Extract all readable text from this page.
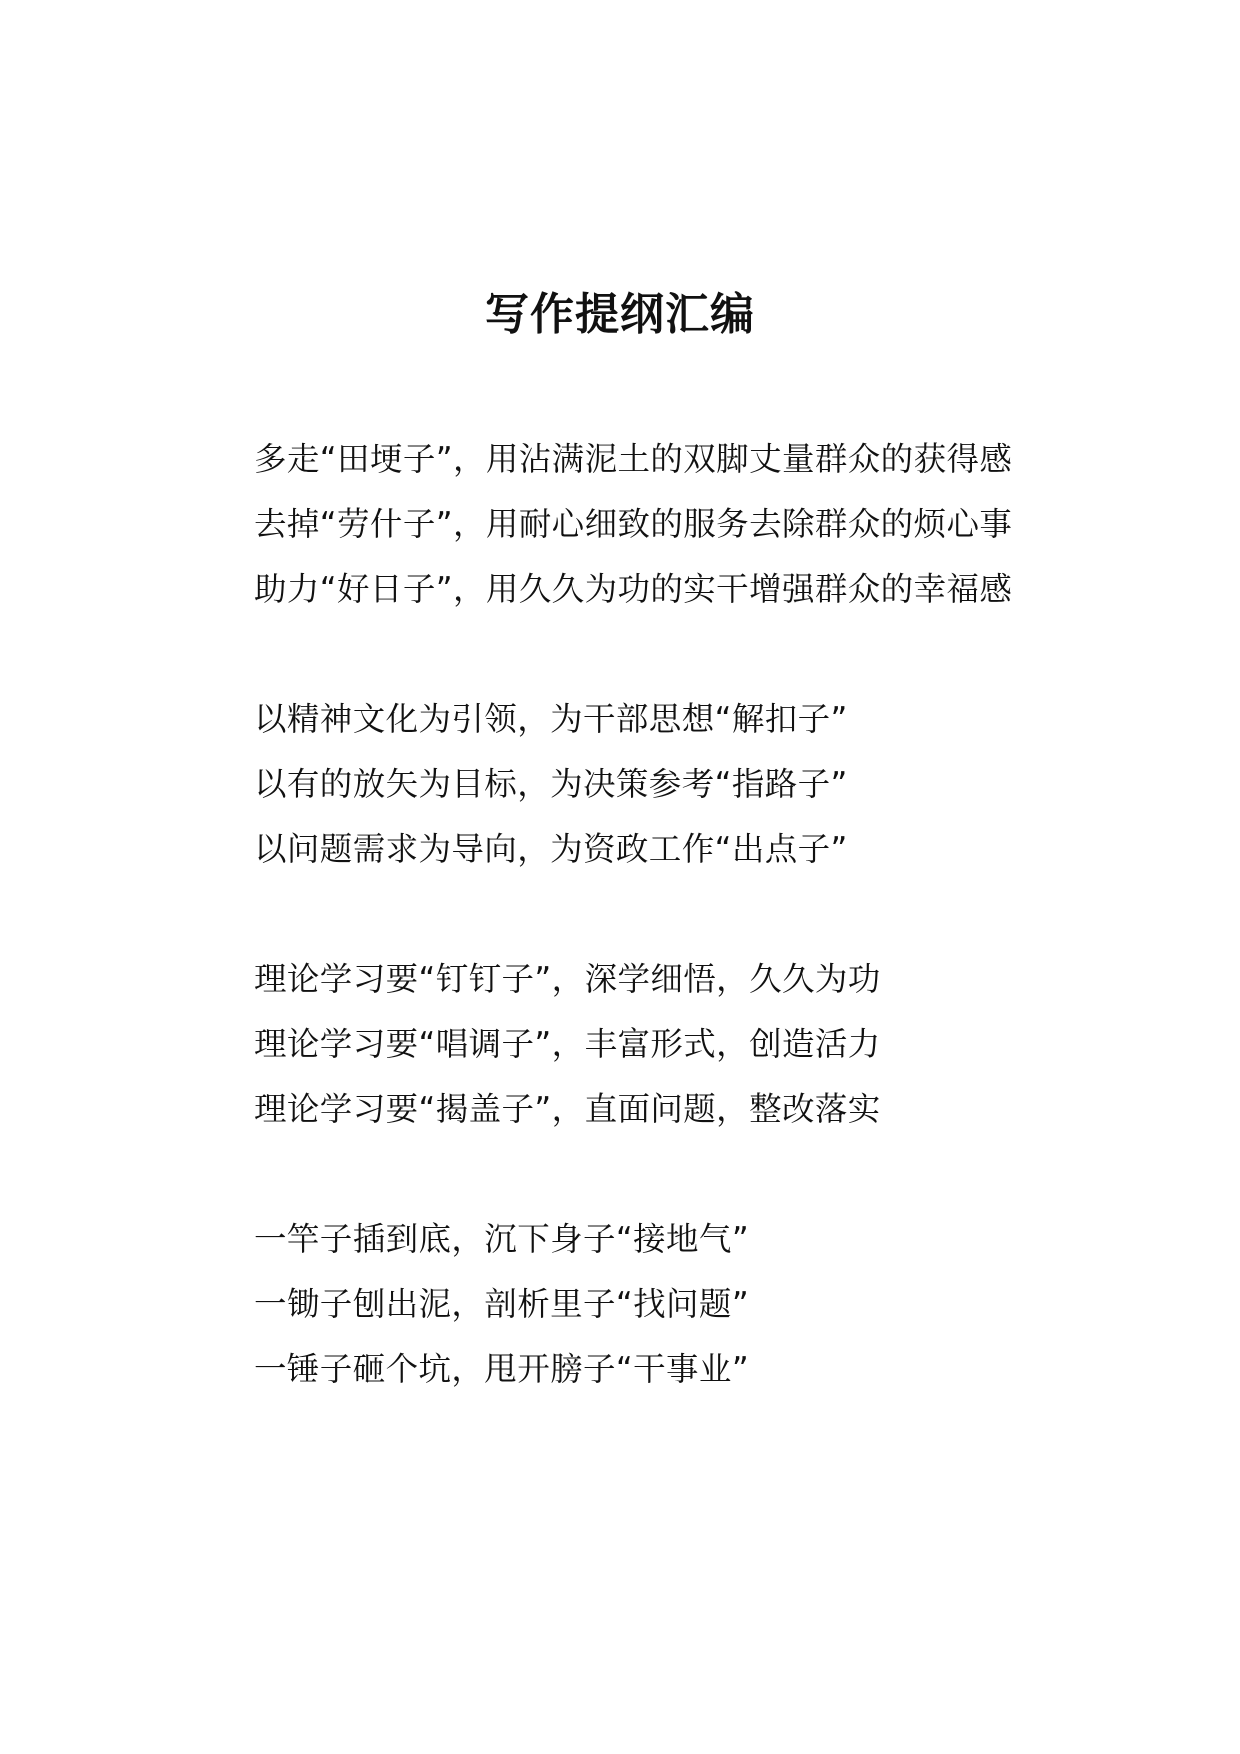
写作提纲汇编

多走“田埂子”，用沾满泥土的双脚丈量群众的获得感

去掉“劳什子”，用耐心细致的服务去除群众的烦心事

助力“好日子”，用久久为功的实干增强群众的幸福感

以精神文化为引领，为干部思想“解扣子”

以有的放矢为目标，为决策参考“指路子”

以问题需求为导向，为资政工作“出点子”

理论学习要“钉钉子”，深学细悟，久久为功

理论学习要“唱调子”，丰富形式，创造活力

理论学习要“揭盖子”，直面问题，整改落实

一竿子插到底，沉下身子“接地气”

一锄子刨出泥，剖析里子“找问题”

一锤子砸个坑，甩开膀子“干事业”
